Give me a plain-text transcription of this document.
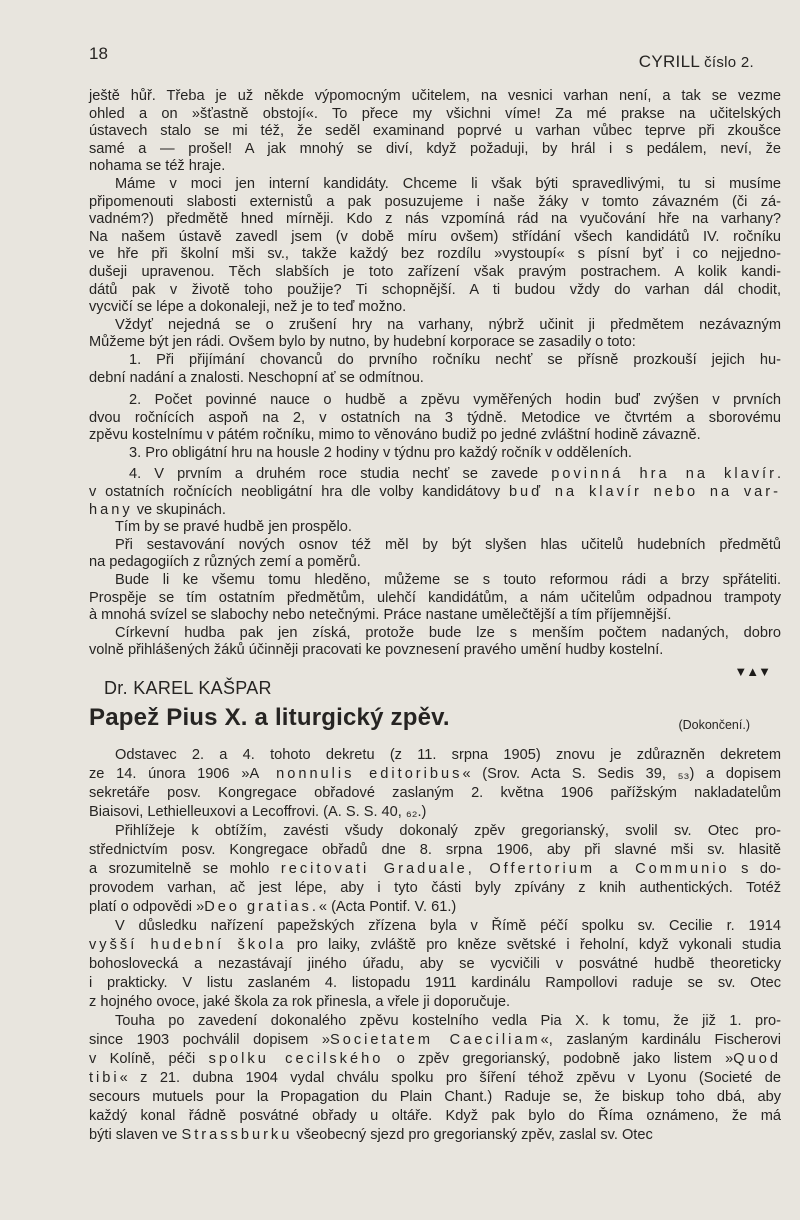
18	CYRILL číslo 2.
ještě hůř. Třeba je už někde výpomocným učitelem, na vesnici varhan není, a tak se vezme
ohled a on »šťastně obstojí«. To přece my všichni víme! Za mé prakse na učitelských
ústavech stalo se mi též, že seděl examinand poprvé u varhan vůbec teprve při zkoušce
samé a — prošel! A jak mnohý se diví, když požaduji, by hrál i s pedálem, neví, že
nohama se též hraje.
Máme v moci jen interní kandidáty. Chceme li však býti spravedlivými, tu si musíme
připomenouti slabosti externistů a pak posuzujeme i naše žáky v tomto závazném (či zá-
vadném?) předmětě hned mírněji. Kdo z nás vzpomíná rád na vyučování hře na varhany?
Na našem ústavě zavedl jsem (v době míru ovšem) střídání všech kandidátů IV. ročníku
ve hře při školní mši sv., takže každý bez rozdílu »vystoupí« s písní byť i co nejjedno-
dušeji upravenou. Těch slabších je toto zařízení však pravým postrachem. A kolik kandi-
dátů pak v životě toho použije? Ti schopnější. A ti budou vždy do varhan dál chodit,
vycvičí se lépe a dokonaleji, než je to teď možno.
Vždyť nejedná se o zrušení hry na varhany, nýbrž učinit ji předmětem nezávazným
Můžeme být jen rádi. Ovšem bylo by nutno, by hudební korporace se zasadily o toto:
1. Při přijímání chovanců do prvního ročníku nechť se přísně prozkouší jejich hu-
dební nadání a znalosti. Neschopní ať se odmítnou.
2. Počet povinné nauce o hudbě a zpěvu vyměřených hodin buď zvýšen v prvních
dvou ročnících aspoň na 2, v ostatních na 3 týdně. Metodice ve čtvrtém a sborovému
zpěvu kostelnímu v pátém ročníku, mimo to věnováno budiž po jedné zvláštní hodině závazně.
3. Pro obligátní hru na housle 2 hodiny v týdnu pro každý ročník v odděleních.
4. V prvním a druhém roce studia nechť se zavede povinná hra na klavír.
v ostatních ročnících neobligátní hra dle volby kandidátovy buď na klavír nebo na var-
hany ve skupinách.
Tím by se pravé hudbě jen prospělo.
Při sestavování nových osnov též měl by být slyšen hlas učitelů hudebních předmětů
na pedagogiích z různých zemí a poměrů.
Bude li ke všemu tomu hleděno, můžeme se s touto reformou rádi a brzy spřáteliti.
Prospěje se tím ostatním předmětům, ulehčí kandidátům, a nám učitelům odpadnou trampoty
à mnohá svízel se slabochy nebo netečnými. Práce nastane umělečtější a tím příjemnější.
Církevní hudba pak jen získá, protože bude lze s menším počtem nadaných, dobro
volně přihlášených žáků účinněji pracovati ke povznesení pravého umění hudby kostelní.
▼▲▼
Dr. KAREL KAŠPAR
Papež Pius X. a liturgický zpěv.	(Dokončení.)
Odstavec 2. a 4. tohoto dekretu (z 11. srpna 1905) znovu je zdůrazněn dekretem
ze 14. února 1906 »A nonnulis editoribus« (Srov. Acta S. Sedis 39, ₅₃) a dopisem
sekretáře posv. Kongregace obřadové zaslaným 2. května 1906 pařížským nakladatelům
Biaisovi, Lethielleuxovi a Lecoffrovi. (A. S. S. 40, ₆₂.)
Přihlížeje k obtížím, zavésti všudy dokonalý zpěv gregorianský, svolil sv. Otec pro-
střednictvím posv. Kongregace obřadů dne 8. srpna 1906, aby při slavné mši sv. hlasitě
a srozumitelně se mohlo recitovati Graduale, Offertorium a Communio s do-
provodem varhan, ač jest lépe, aby i tyto části byly zpívány z knih authentických. Totéž
platí o odpovědi »Deo gratias.« (Acta Pontif. V. 61.)
V důsledku nařízení papežských zřízena byla v Římě péčí spolku sv. Cecilie r. 1914
vyšší hudební škola pro laiky, zvláště pro kněze světské i řeholní, když vykonali studia
bohoslovecká a nezastávají jiného úřadu, aby se vycvičili v posvátné hudbě theoreticky
i prakticky. V listu zaslaném 4. listopadu 1911 kardinálu Rampollovi raduje se sv. Otec
z hojného ovoce, jaké škola za rok přinesla, a vřele ji doporučuje.
Touha po zavedení dokonalého zpěvu kostelního vedla Pia X. k tomu, že již 1. pro-
since 1903 pochválil dopisem »Societatem Caeciliam«, zaslaným kardinálu Fischerovi
v Kolíně, péči spolku cecilského o zpěv gregorianský, podobně jako listem »Quod
tibi« z 21. dubna 1904 vydal chválu spolku pro šíření téhož zpěvu v Lyonu (Societé de
secours mutuels pour la Propagation du Plain Chant.) Raduje se, že biskup toho dbá, aby
každý konal řádně posvátné obřady u oltáře. Když pak bylo do Říma oznámeno, že má
býti slaven ve Strassburku všeobecný sjezd pro gregorianský zpěv, zaslal sv. Otec
